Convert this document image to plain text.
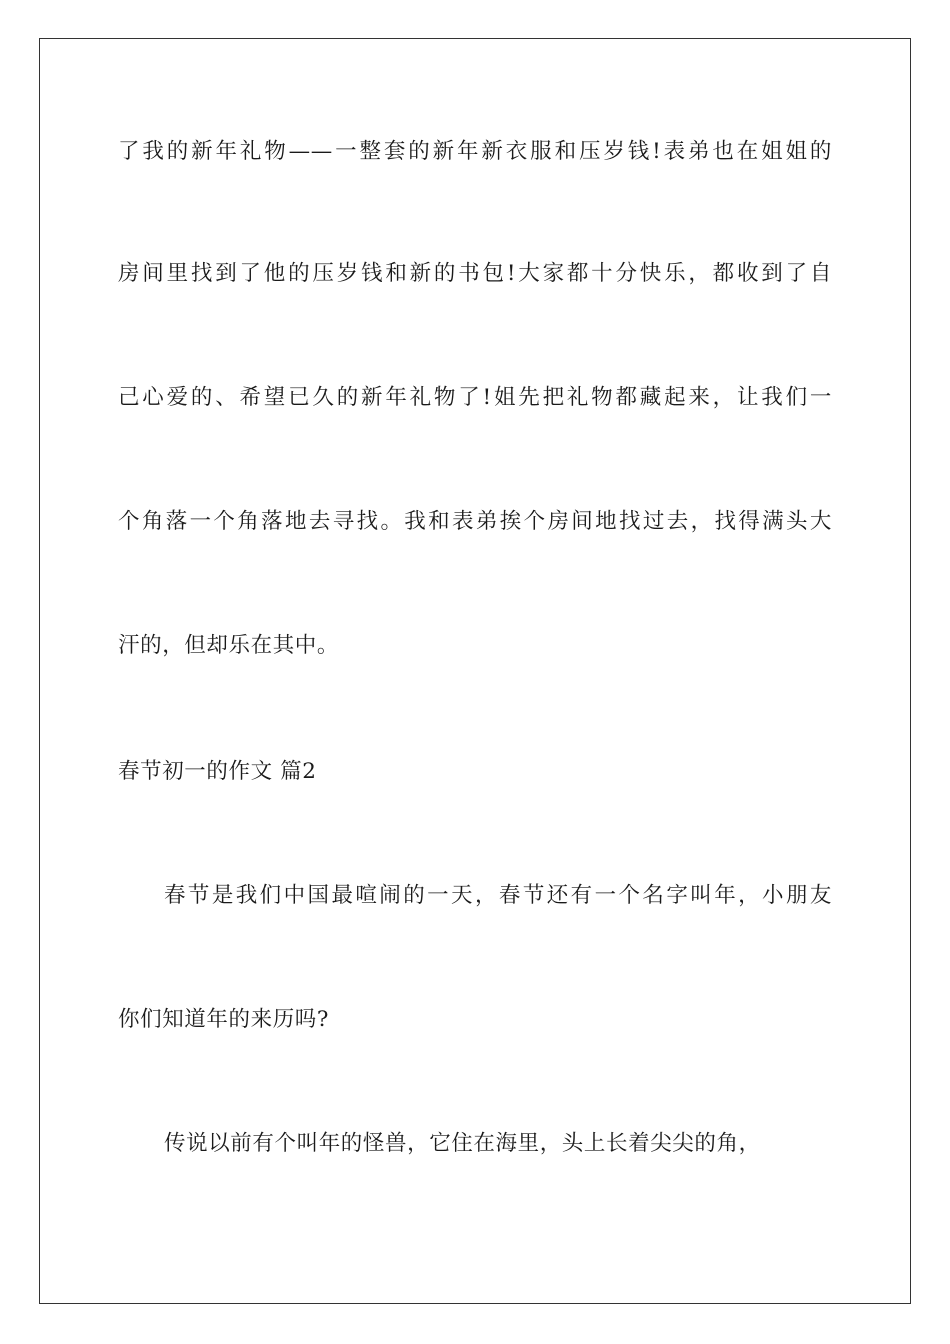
了我的新年礼物——一整套的新年新衣服和压岁钱!表弟也在姐姐的
房间里找到了他的压岁钱和新的书包!大家都十分快乐，都收到了自
己心爱的、希望已久的新年礼物了!姐先把礼物都藏起来，让我们一
个角落一个角落地去寻找。我和表弟挨个房间地找过去，找得满头大
汗的，但却乐在其中。
春节初一的作文 篇2
春节是我们中国最喧闹的一天，春节还有一个名字叫年，小朋友
你们知道年的来历吗?
传说以前有个叫年的怪兽，它住在海里，头上长着尖尖的角，
